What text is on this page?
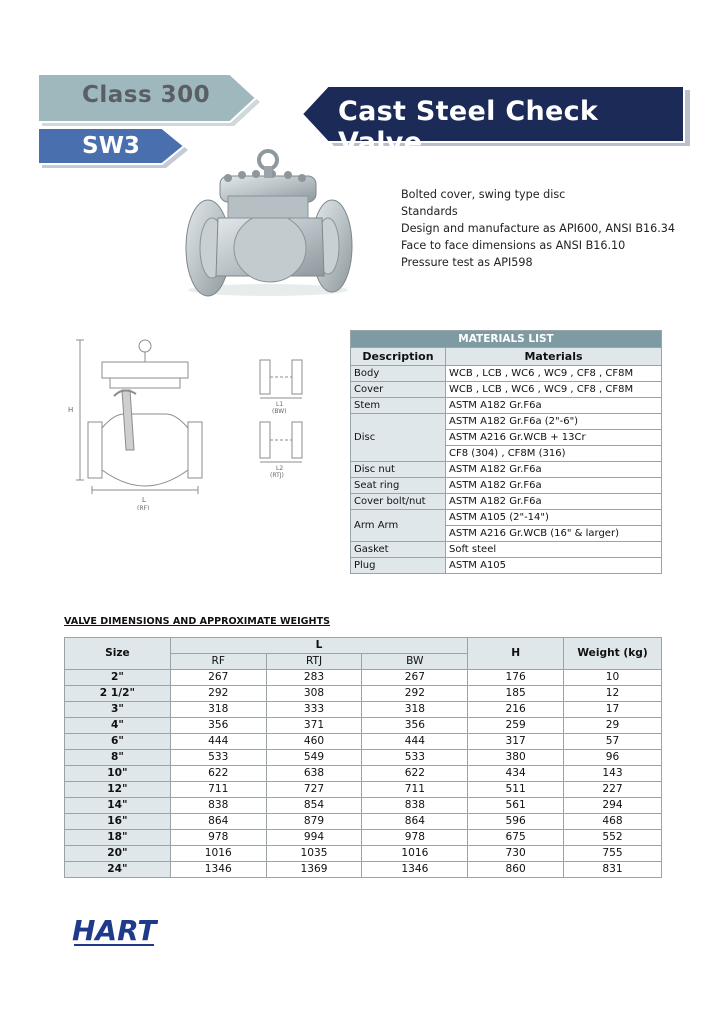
Class 300
SW3
Cast Steel Check Valve
Bolted cover, swing type disc
Standards
Design and manufacture as API600, ANSI B16.34
Face to face dimensions as ANSI B16.10
Pressure test as API598
H
L
(RF)
L1
(BW)
L2
(RTJ)
MATERIALS LIST	
Description	Materials
Body	WCB , LCB , WC6 , WC9 , CF8 , CF8M
Cover	WCB , LCB , WC6 , WC9 , CF8 , CF8M
Stem	ASTM A182 Gr.F6a
Disc	ASTM A182 Gr.F6a (2"-6")
	ASTM A216 Gr.WCB + 13Cr
	CF8 (304) , CF8M (316)
Disc nut	ASTM A182 Gr.F6a
Seat ring	ASTM A182 Gr.F6a
Cover bolt/nut	ASTM A182 Gr.F6a
Arm Arm	ASTM A105 (2"-14")
	ASTM A216 Gr.WCB (16" & larger)
Gasket	Soft steel
Plug	ASTM A105
VALVE DIMENSIONS AND APPROXIMATE WEIGHTS
Size	L			H	Weight (kg)
	RF	RTJ	BW		
2"	267	283	267	176	10
2 1/2"	292	308	292	185	12
3"	318	333	318	216	17
4"	356	371	356	259	29
6"	444	460	444	317	57
8"	533	549	533	380	96
10"	622	638	622	434	143
12"	711	727	711	511	227
14"	838	854	838	561	294
16"	864	879	864	596	468
18"	978	994	978	675	552
20"	1016	1035	1016	730	755
24"	1346	1369	1346	860	831
HART
